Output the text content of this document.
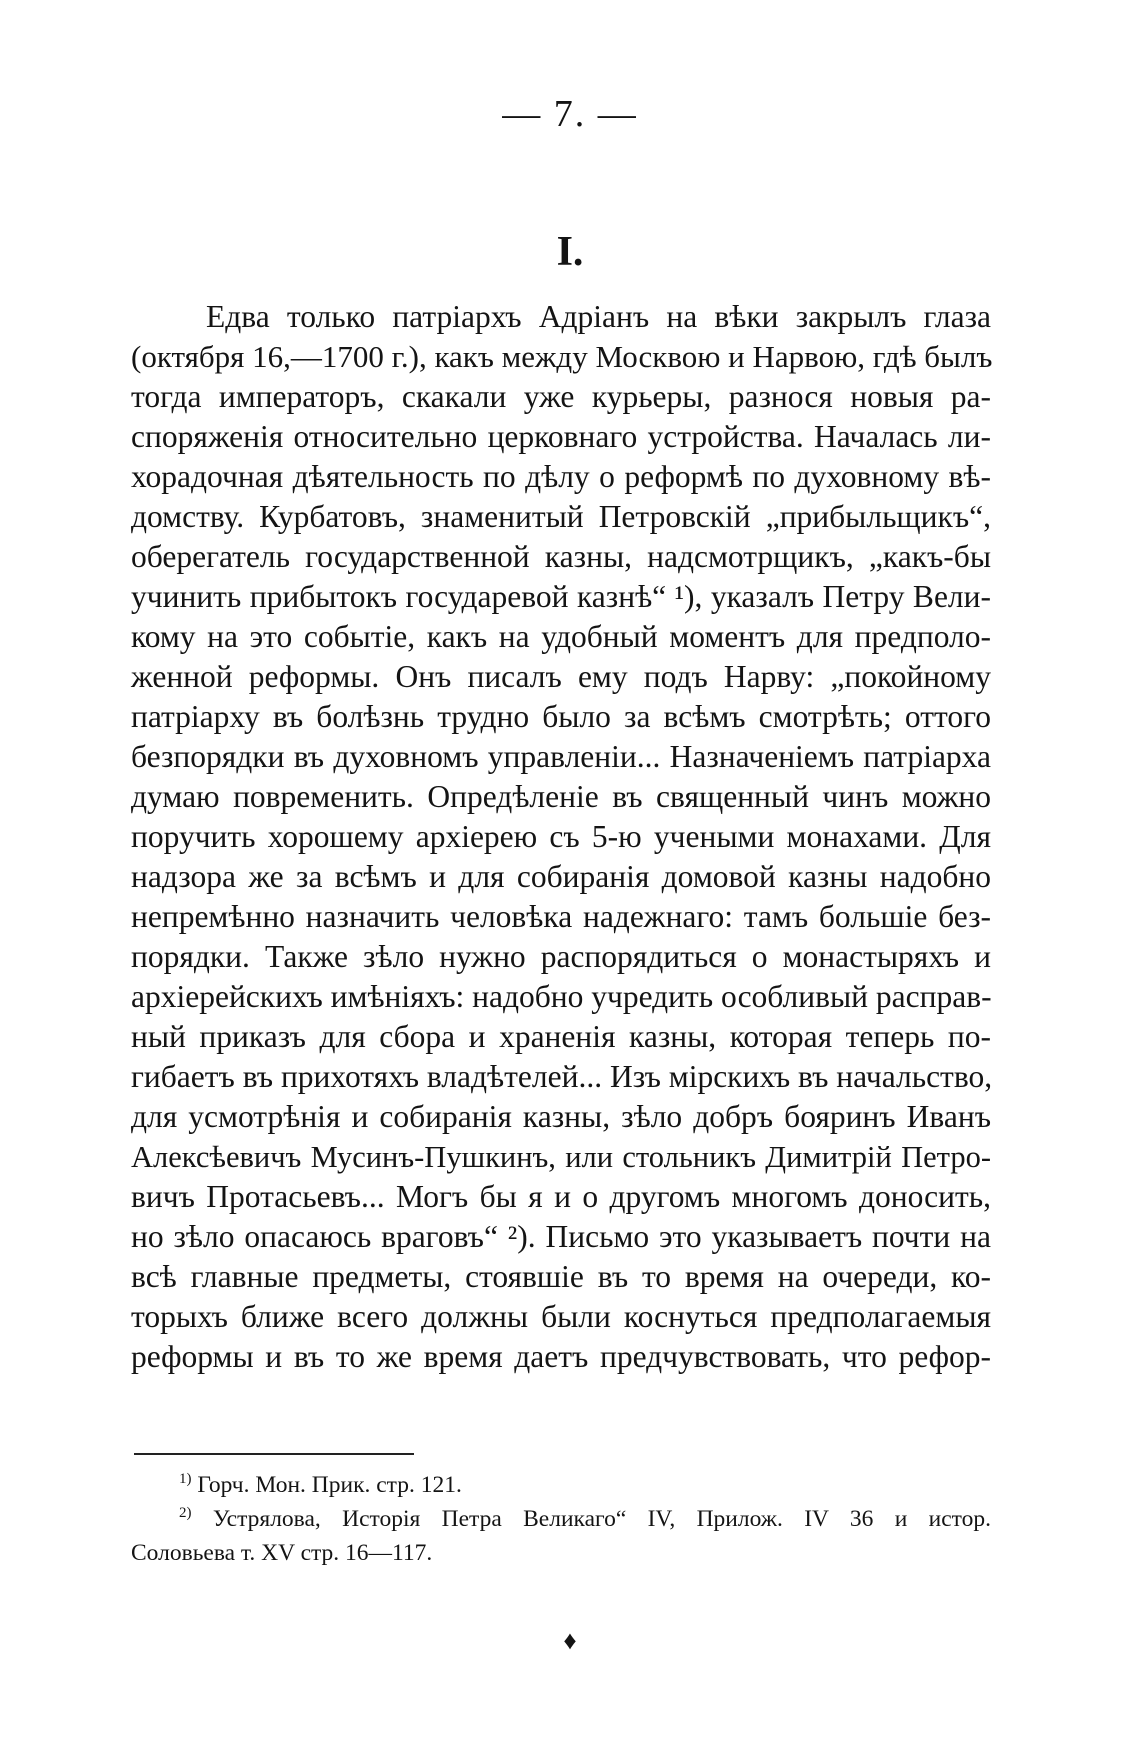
— 7. —
I.
Едва только патріархъ Адріанъ на вѣки закрылъ глаза
(октября 16,—1700 г.), какъ между Москвою и Нарвою, гдѣ былъ
тогда императоръ, скакали уже курьеры, разнося новыя ра-
споряженія относительно церковнаго устройства. Началась ли-
хорадочная дѣятельность по дѣлу о реформѣ по духовному вѣ-
домству. Курбатовъ, знаменитый Петровскій „прибыльщикъ“,
оберегатель государственной казны, надсмотрщикъ, „какъ-бы
учинить прибытокъ государевой казнѣ“ ¹), указалъ Петру Вели-
кому на это событіе, какъ на удобный моментъ для предполо-
женной реформы. Онъ писалъ ему подъ Нарву: „покойному
патріарху въ болѣзнь трудно было за всѣмъ смотрѣть; оттого
безпорядки въ духовномъ управленіи... Назначеніемъ патріарха
думаю повременить. Опредѣленіе въ священный чинъ можно
поручить хорошему архіерею съ 5-ю учеными монахами. Для
надзора же за всѣмъ и для собиранія домовой казны надобно
непремѣнно назначить человѣка надежнаго: тамъ большіе без-
порядки. Также зѣло нужно распорядиться о монастыряхъ и
архіерейскихъ имѣніяхъ: надобно учредить особливый расправ-
ный приказъ для сбора и храненія казны, которая теперь по-
гибаетъ въ прихотяхъ владѣтелей... Изъ мірскихъ въ начальство,
для усмотрѣнія и собиранія казны, зѣло добръ бояринъ Иванъ
Алексѣевичъ Мусинъ-Пушкинъ, или стольникъ Димитрій Петро-
вичъ Протасьевъ... Могъ бы я и о другомъ многомъ доносить,
но зѣло опасаюсь враговъ“ ²). Письмо это указываетъ почти на
всѣ главные предметы, стоявшіе въ то время на очереди, ко-
торыхъ ближе всего должны были коснуться предполагаемыя
реформы и въ то же время даетъ предчувствовать, что рефор-
$^{1)}$ Горч. Мон. Прик. стр. 121.
$^{2)}$ Устрялова, Исторія Петра Великаго“ IV, Прилож. IV 36 и истор.
Соловьева т. XV стр. 16—117.
♦
